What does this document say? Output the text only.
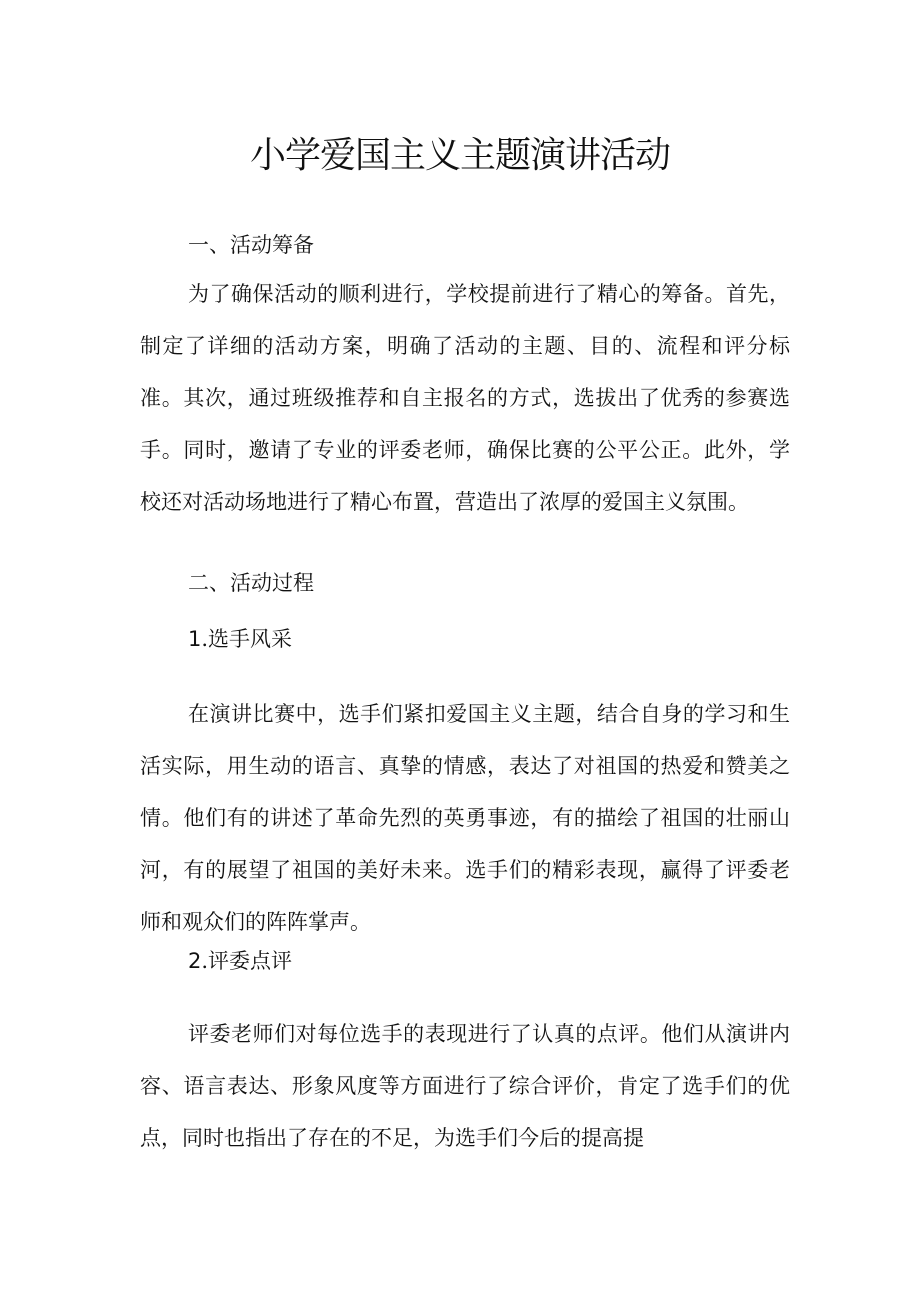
小学爱国主义主题演讲活动

一、活动筹备

为了确保活动的顺利进行，学校提前进行了精心的筹备。首先，制定了详细的活动方案，明确了活动的主题、目的、流程和评分标准。其次，通过班级推荐和自主报名的方式，选拔出了优秀的参赛选手。同时，邀请了专业的评委老师，确保比赛的公平公正。此外，学校还对活动场地进行了精心布置，营造出了浓厚的爱国主义氛围。

二、活动过程

1.选手风采

在演讲比赛中，选手们紧扣爱国主义主题，结合自身的学习和生活实际，用生动的语言、真挚的情感，表达了对祖国的热爱和赞美之情。他们有的讲述了革命先烈的英勇事迹，有的描绘了祖国的壮丽山河，有的展望了祖国的美好未来。选手们的精彩表现，赢得了评委老师和观众们的阵阵掌声。

2.评委点评

评委老师们对每位选手的表现进行了认真的点评。他们从演讲内容、语言表达、形象风度等方面进行了综合评价，肯定了选手们的优点，同时也指出了存在的不足，为选手们今后的提高提
